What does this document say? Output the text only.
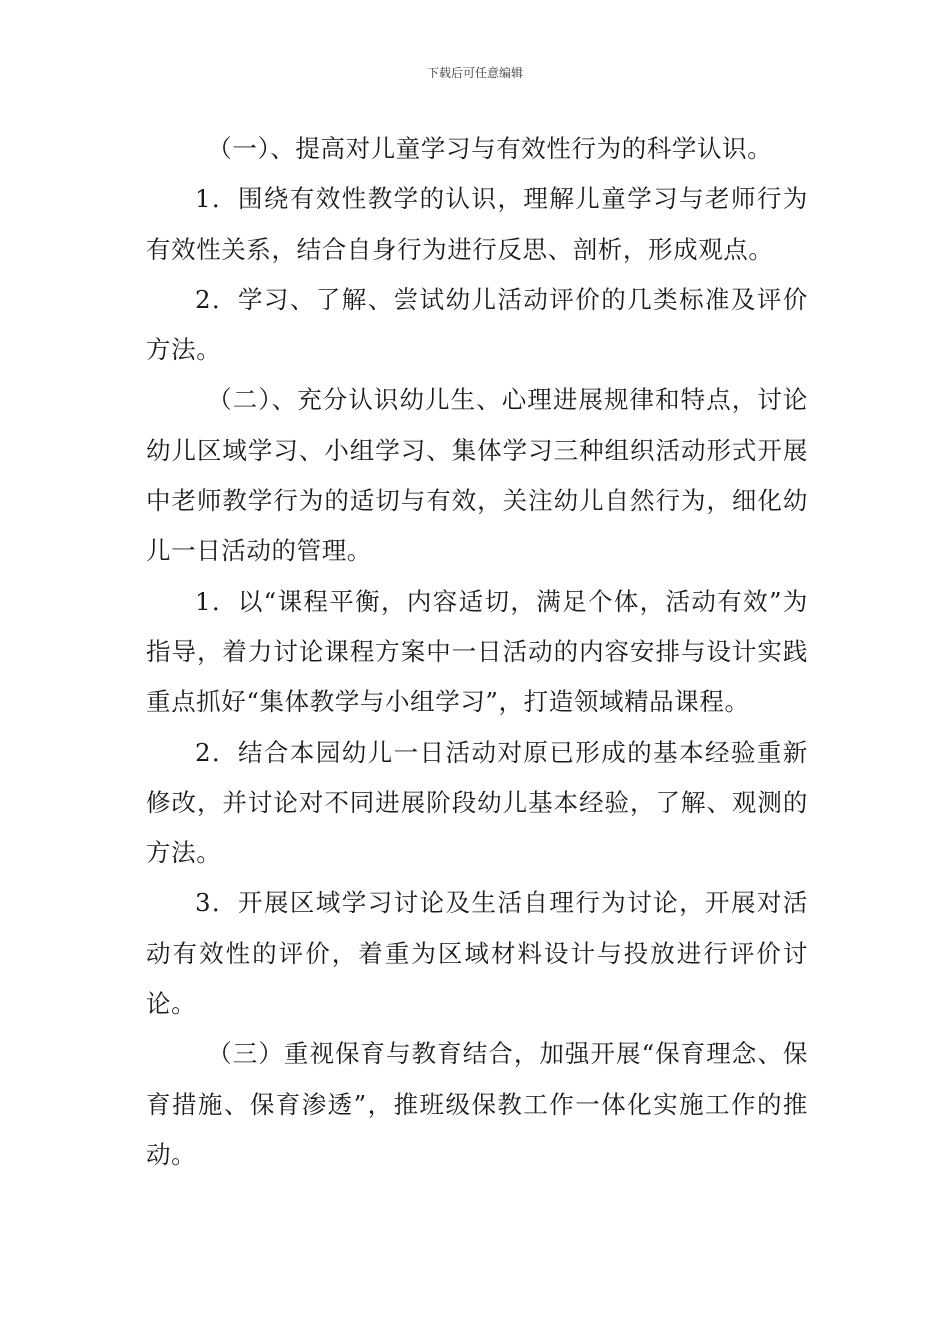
下载后可任意编辑

（一）、提高对儿童学习与有效性行为的科学认识。

1．围绕有效性教学的认识，理解儿童学习与老师行为有效性关系，结合自身行为进行反思、剖析，形成观点。

2．学习、了解、尝试幼儿活动评价的几类标准及评价方法。

（二）、充分认识幼儿生、心理进展规律和特点，讨论幼儿区域学习、小组学习、集体学习三种组织活动形式开展中老师教学行为的适切与有效，关注幼儿自然行为，细化幼儿一日活动的管理。

1．以“课程平衡，内容适切，满足个体，活动有效”为指导，着力讨论课程方案中一日活动的内容安排与设计实践重点抓好“集体教学与小组学习”，打造领域精品课程。

2．结合本园幼儿一日活动对原已形成的基本经验重新修改，并讨论对不同进展阶段幼儿基本经验，了解、观测的方法。

3．开展区域学习讨论及生活自理行为讨论，开展对活动有效性的评价，着重为区域材料设计与投放进行评价讨论。

（三）重视保育与教育结合，加强开展“保育理念、保育措施、保育渗透”，推班级保教工作一体化实施工作的推动。
